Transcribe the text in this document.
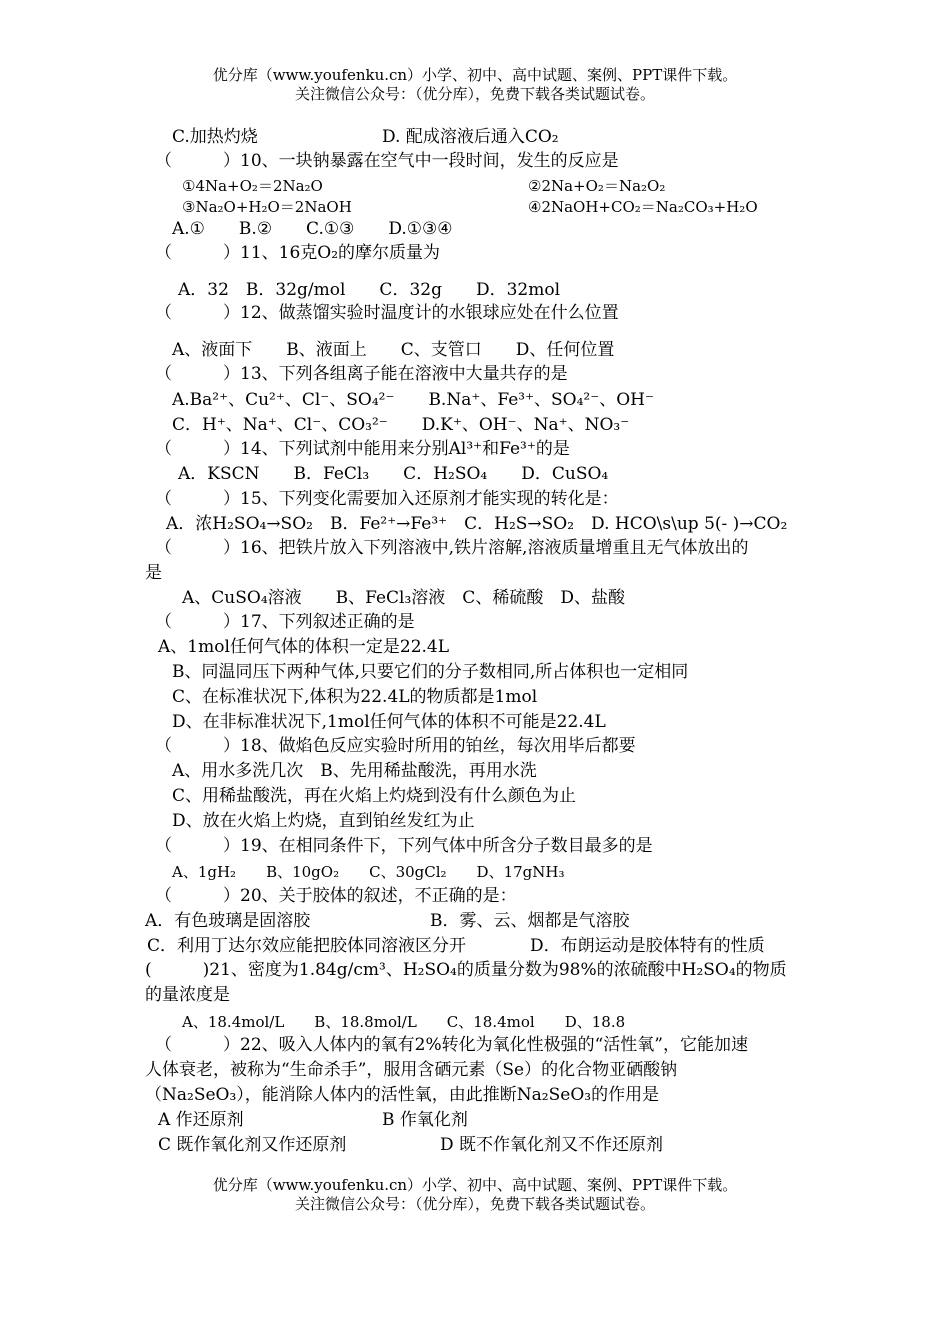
优分库（www.youfenku.cn）小学、初中、高中试题、案例、PPT课件下载。
关注微信公众号：（优分库），免费下载各类试题试卷。
C.加热灼烧	D. 配成溶液后通入CO₂
（　　　）10、一块钠暴露在空气中一段时间，发生的反应是
①4Na+O₂＝2Na₂O	②2Na+O₂＝Na₂O₂
③Na₂O+H₂O＝2NaOH	④2NaOH+CO₂＝Na₂CO₃+H₂O
A.①　　B.②　　C.①③　　D.①③④
（　　　）11、16克O₂的摩尔质量为
A．32　B．32g/mol　　C．32g　　D．32mol
（　　　）12、做蒸馏实验时温度计的水银球应处在什么位置
A、液面下　　B、液面上　　C、支管口　　D、任何位置
（　　　）13、下列各组离子能在溶液中大量共存的是
A.Ba²⁺、Cu²⁺、Cl⁻、SO₄²⁻　　B.Na⁺、Fe³⁺、SO₄²⁻、OH⁻
C．H⁺、Na⁺、Cl⁻、CO₃²⁻　　D.K⁺、OH⁻、Na⁺、NO₃⁻
（　　　）14、下列试剂中能用来分别Al³⁺和Fe³⁺的是
A．KSCN　　B．FeCl₃　　C．H₂SO₄　　D．CuSO₄
（　　　）15、下列变化需要加入还原剂才能实现的转化是：
A．浓H₂SO₄→SO₂　B．Fe²⁺→Fe³⁺　C．H₂S→SO₂　D. HCO\s\up 5(- )→CO₂
（　　　）16、把铁片放入下列溶液中,铁片溶解,溶液质量增重且无气体放出的
是
A、CuSO₄溶液　　B、FeCl₃溶液　C、稀硫酸　D、盐酸
（　　　）17、下列叙述正确的是
A、1mol任何气体的体积一定是22.4L
B、同温同压下两种气体,只要它们的分子数相同,所占体积也一定相同
C、在标准状况下,体积为22.4L的物质都是1mol
D、在非标准状况下,1mol任何气体的体积不可能是22.4L
（　　　）18、做焰色反应实验时所用的铂丝，每次用毕后都要
A、用水多洗几次　B、先用稀盐酸洗，再用水洗
C、用稀盐酸洗，再在火焰上灼烧到没有什么颜色为止
D、放在火焰上灼烧，直到铂丝发红为止
（　　　）19、在相同条件下，下列气体中所含分子数目最多的是
A、1gH₂　　B、10gO₂　　C、30gCl₂　　D、17gNH₃
（　　　）20、关于胶体的叙述，不正确的是：
A．有色玻璃是固溶胶	B．雾、云、烟都是气溶胶
C．利用丁达尔效应能把胶体同溶液区分开	D．布朗运动是胶体特有的性质
(　　　)21、密度为1.84g/cm³、H₂SO₄的质量分数为98%的浓硫酸中H₂SO₄的物质
的量浓度是
A、18.4mol/L　　B、18.8mol/L　　C、18.4mol　　D、18.8
（　　　）22、吸入人体内的氧有2%转化为氧化性极强的“活性氧”，它能加速
人体衰老，被称为“生命杀手”，服用含硒元素（Se）的化合物亚硒酸钠
（Na₂SeO₃），能消除人体内的活性氧，由此推断Na₂SeO₃的作用是
A 作还原剂	B 作氧化剂
C 既作氧化剂又作还原剂	D 既不作氧化剂又不作还原剂
优分库（www.youfenku.cn）小学、初中、高中试题、案例、PPT课件下载。
关注微信公众号：（优分库），免费下载各类试题试卷。
